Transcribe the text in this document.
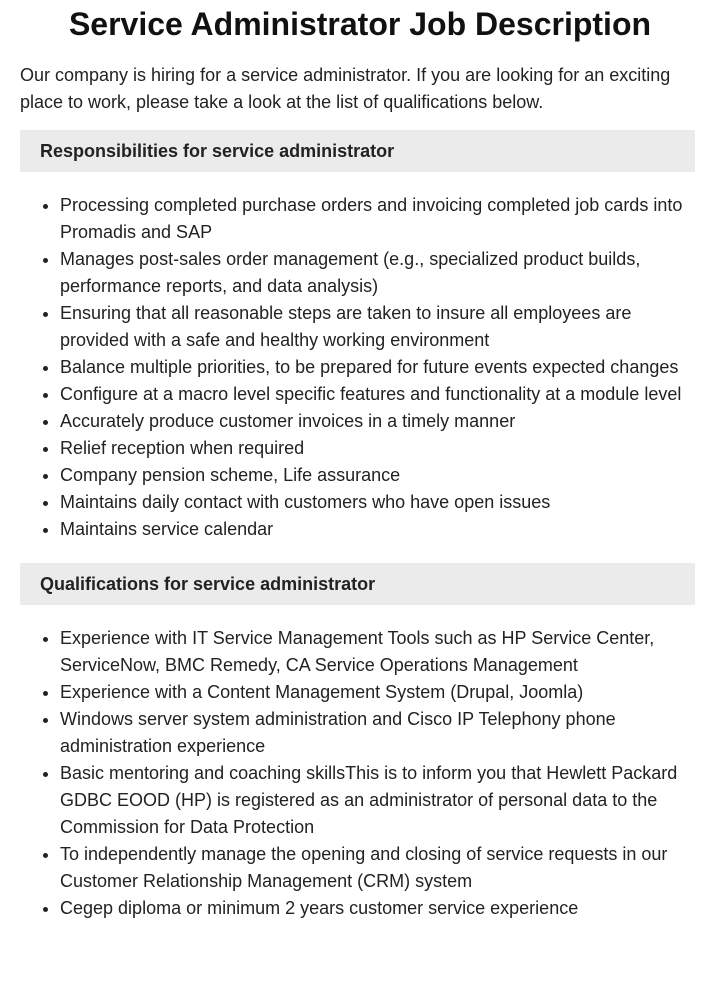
Service Administrator Job Description

Our company is hiring for a service administrator. If you are looking for an exciting place to work, please take a look at the list of qualifications below.

Responsibilities for service administrator
• Processing completed purchase orders and invoicing completed job cards into Promadis and SAP
• Manages post-sales order management (e.g., specialized product builds, performance reports, and data analysis)
• Ensuring that all reasonable steps are taken to insure all employees are provided with a safe and healthy working environment
• Balance multiple priorities, to be prepared for future events expected changes
• Configure at a macro level specific features and functionality at a module level
• Accurately produce customer invoices in a timely manner
• Relief reception when required
• Company pension scheme, Life assurance
• Maintains daily contact with customers who have open issues
• Maintains service calendar
Qualifications for service administrator
• Experience with IT Service Management Tools such as HP Service Center, ServiceNow, BMC Remedy, CA Service Operations Management
• Experience with a Content Management System (Drupal, Joomla)
• Windows server system administration and Cisco IP Telephony phone administration experience
• Basic mentoring and coaching skillsThis is to inform you that Hewlett Packard GDBC EOOD (HP) is registered as an administrator of personal data to the Commission for Data Protection
• To independently manage the opening and closing of service requests in our Customer Relationship Management (CRM) system
• Cegep diploma or minimum 2 years customer service experience
